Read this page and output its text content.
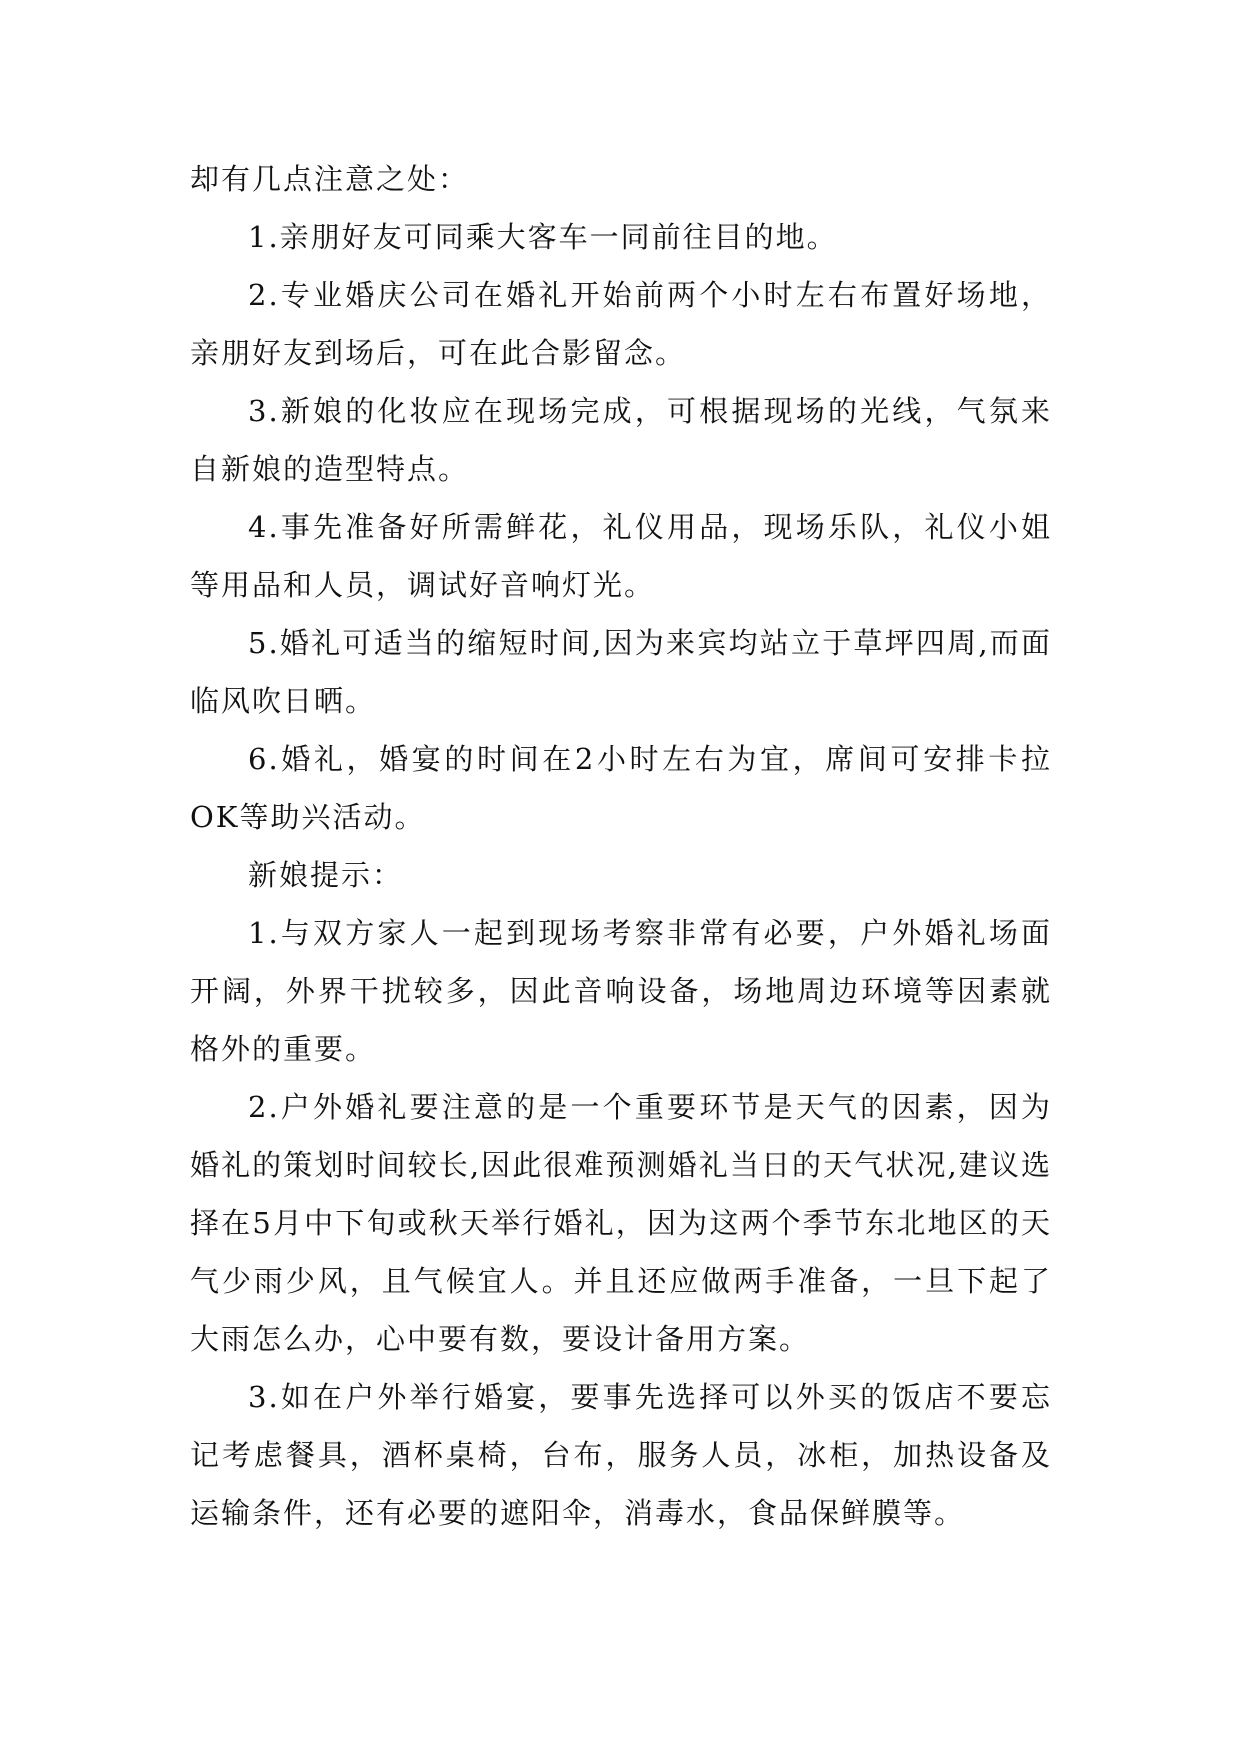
却有几点注意之处：

1.亲朋好友可同乘大客车一同前往目的地。

2.专业婚庆公司在婚礼开始前两个小时左右布置好场地，亲朋好友到场后，可在此合影留念。

3.新娘的化妆应在现场完成，可根据现场的光线，气氛来自新娘的造型特点。

4.事先准备好所需鲜花，礼仪用品，现场乐队，礼仪小姐等用品和人员，调试好音响灯光。

5.婚礼可适当的缩短时间,因为来宾均站立于草坪四周,而面临风吹日晒。

6.婚礼，婚宴的时间在2小时左右为宜，席间可安排卡拉OK等助兴活动。

新娘提示：

1.与双方家人一起到现场考察非常有必要，户外婚礼场面开阔，外界干扰较多，因此音响设备，场地周边环境等因素就格外的重要。

2.户外婚礼要注意的是一个重要环节是天气的因素，因为婚礼的策划时间较长,因此很难预测婚礼当日的天气状况,建议选择在5月中下旬或秋天举行婚礼，因为这两个季节东北地区的天气少雨少风，且气候宜人。并且还应做两手准备，一旦下起了大雨怎么办，心中要有数，要设计备用方案。

3.如在户外举行婚宴，要事先选择可以外买的饭店不要忘记考虑餐具，酒杯桌椅，台布，服务人员，冰柜，加热设备及运输条件，还有必要的遮阳伞，消毒水，食品保鲜膜等。
